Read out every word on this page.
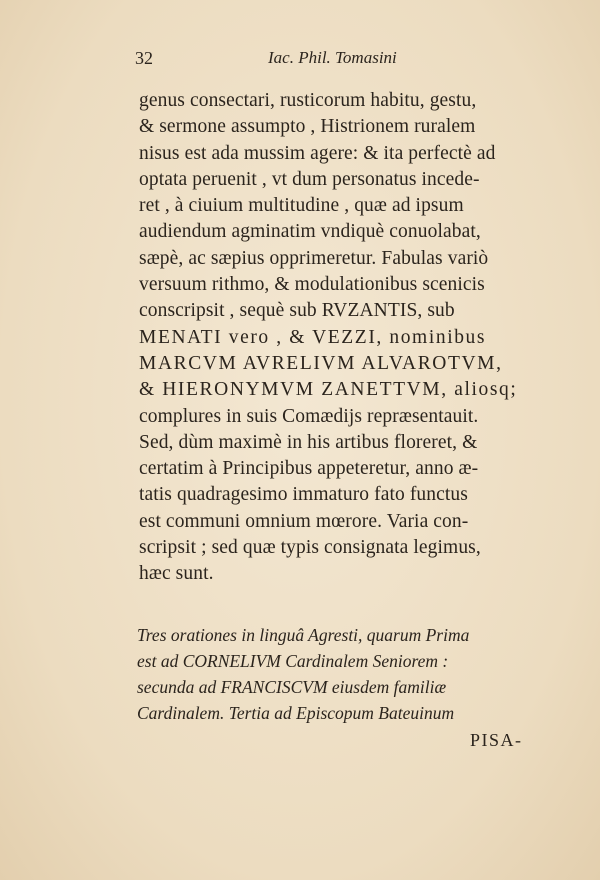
32	Iac. Phil. Tomasini
genus consectari, rusticorum habitu, gestu,
& sermone assumpto , Histrionem ruralem
nisus est ada mussim agere: & ita perfectè ad
optata peruenit , vt dum personatus incede-
ret , à ciuium multitudine , quæ ad ipsum
audiendum agminatim vndiquè conuolabat,
sæpè, ac sæpius opprimeretur. Fabulas variò
versuum rithmo, & modulationibus scenicis
conscripsit , sequè sub RVZANTIS, sub
MENATI vero , & VEZZI, nominibus
MARCVM AVRELIVM ALVAROTVM,
& HIERONYMVM ZANETTVM, aliosq;
complures in suis Comædijs repræsentauit.
Sed, dùm maximè in his artibus floreret, &
certatim à Principibus appeteretur, anno æ-
tatis quadragesimo immaturo fato functus
est communi omnium mœrore. Varia con-
scripsit ; sed quæ typis consignata legimus,
hæc sunt.
Tres orationes in linguâ Agresti, quarum Prima
est ad CORNELIVM Cardinalem Seniorem :
secunda ad FRANCISCVM eiusdem familiæ
Cardinalem. Tertia ad Episcopum Bateuinum
PISA-
